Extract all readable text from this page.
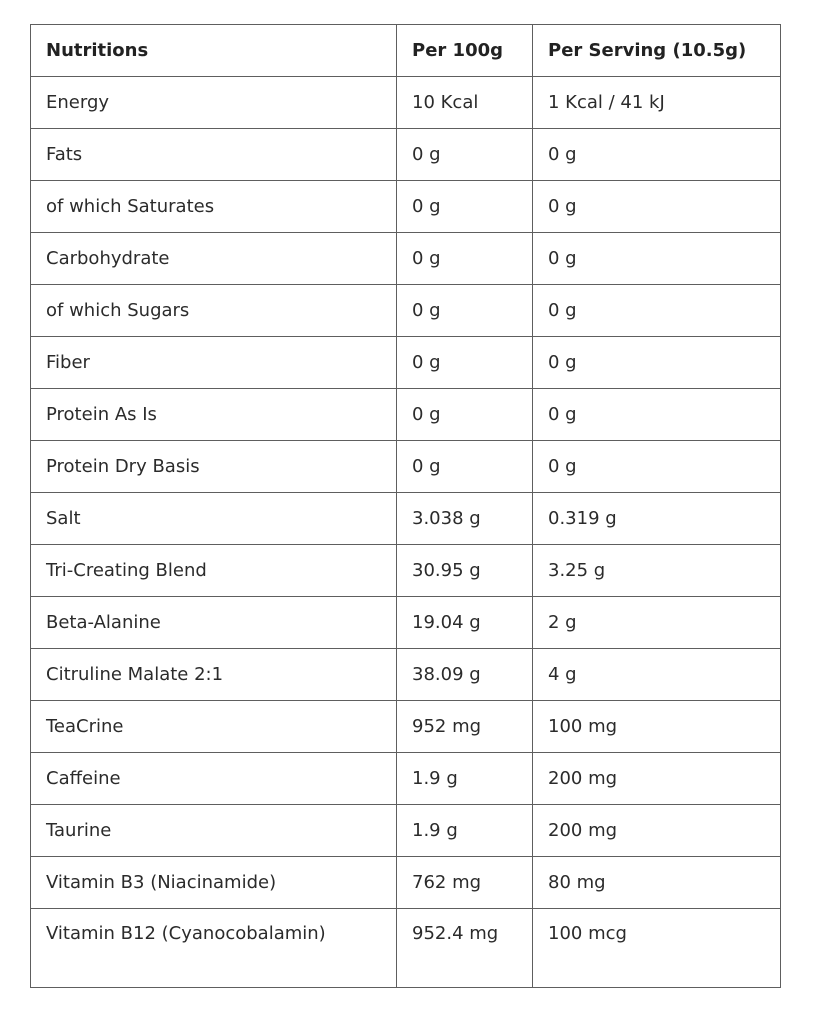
Nutritions	Per 100g	Per Serving (10.5g)
Energy	10 Kcal	1 Kcal / 41 kJ
Fats	0 g	0 g
of which Saturates	0 g	0 g
Carbohydrate	0 g	0 g
of which Sugars	0 g	0 g
Fiber	0 g	0 g
Protein As Is	0 g	0 g
Protein Dry Basis	0 g	0 g
Salt	3.038 g	0.319 g
Tri-Creating Blend	30.95 g	3.25 g
Beta-Alanine	19.04 g	2 g
Citruline Malate 2:1	38.09 g	4 g
TeaCrine	952 mg	100 mg
Caffeine	1.9 g	200 mg
Taurine	1.9 g	200 mg
Vitamin B3 (Niacinamide)	762 mg	80 mg
Vitamin B12 (Cyanocobalamin)	952.4 mg	100 mcg
